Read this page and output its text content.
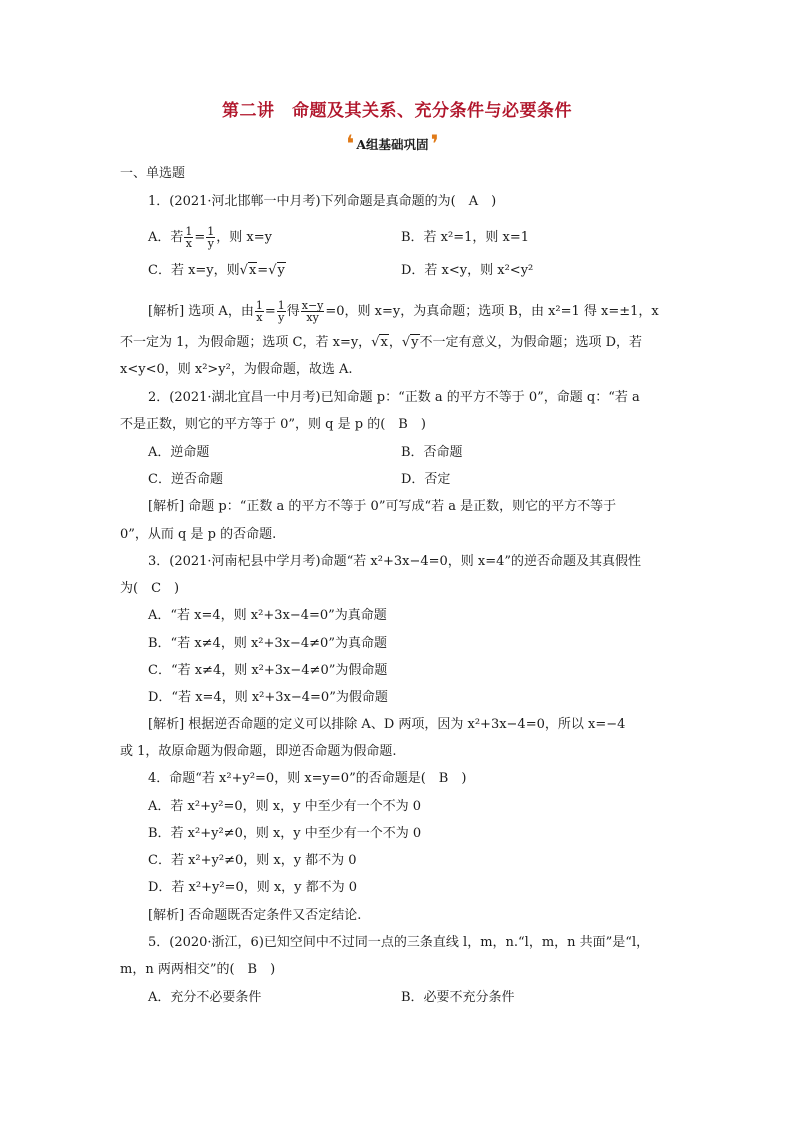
第二讲　命题及其关系、充分条件与必要条件
❛ A组基础巩固 ❜
一、单选题
1．(2021·河北邯郸一中月考)下列命题是真命题的为(　A　)
A．若 $\frac{1}{x} = \frac{1}{y}$ ，则 x=y	B．若 x²=1，则 x=1
C．若 x=y，则√x=√y	D．若 x<y，则 x²<y²
[解析] 选项 A，由 $\frac{1}{x} = \frac{1}{y}$ 得 $\frac{x-y}{xy} =0$，则 x=y，为真命题；选项 B，由 x²=1 得 x=±1，x
不一定为 1，为假命题；选项 C，若 x=y，√x，√y不一定有意义，为假命题；选项 D，若
x<y<0，则 x²>y²，为假命题，故选 A.
2．(2021·湖北宜昌一中月考)已知命题 p：“正数 a 的平方不等于 0”，命题 q：“若 a
不是正数，则它的平方等于 0”，则 q 是 p 的(　B　)
A．逆命题	B．否命题
C．逆否命题	D．否定
[解析] 命题 p：“正数 a 的平方不等于 0”可写成“若 a 是正数，则它的平方不等于
0”，从而 q 是 p 的否命题.
3．(2021·河南杞县中学月考)命题“若 x²+3x−4=0，则 x=4”的逆否命题及其真假性
为(　C　)
A．“若 x=4，则 x²+3x−4=0”为真命题
B．“若 x≠4，则 x²+3x−4≠0”为真命题
C．“若 x≠4，则 x²+3x−4≠0”为假命题
D．“若 x=4，则 x²+3x−4=0”为假命题
[解析] 根据逆否命题的定义可以排除 A、D 两项，因为 x²+3x−4=0，所以 x=−4
或 1，故原命题为假命题，即逆否命题为假命题.
4．命题“若 x²+y²=0，则 x=y=0”的否命题是(　B　)
A．若 x²+y²=0，则 x，y 中至少有一个不为 0
B．若 x²+y²≠0，则 x，y 中至少有一个不为 0
C．若 x²+y²≠0，则 x，y 都不为 0
D．若 x²+y²=0，则 x，y 都不为 0
[解析] 否命题既否定条件又否定结论.
5．(2020·浙江，6)已知空间中不过同一点的三条直线 l，m，n.“l，m，n 共面”是“l，
m，n 两两相交”的(　B　)
A．充分不必要条件	B．必要不充分条件
